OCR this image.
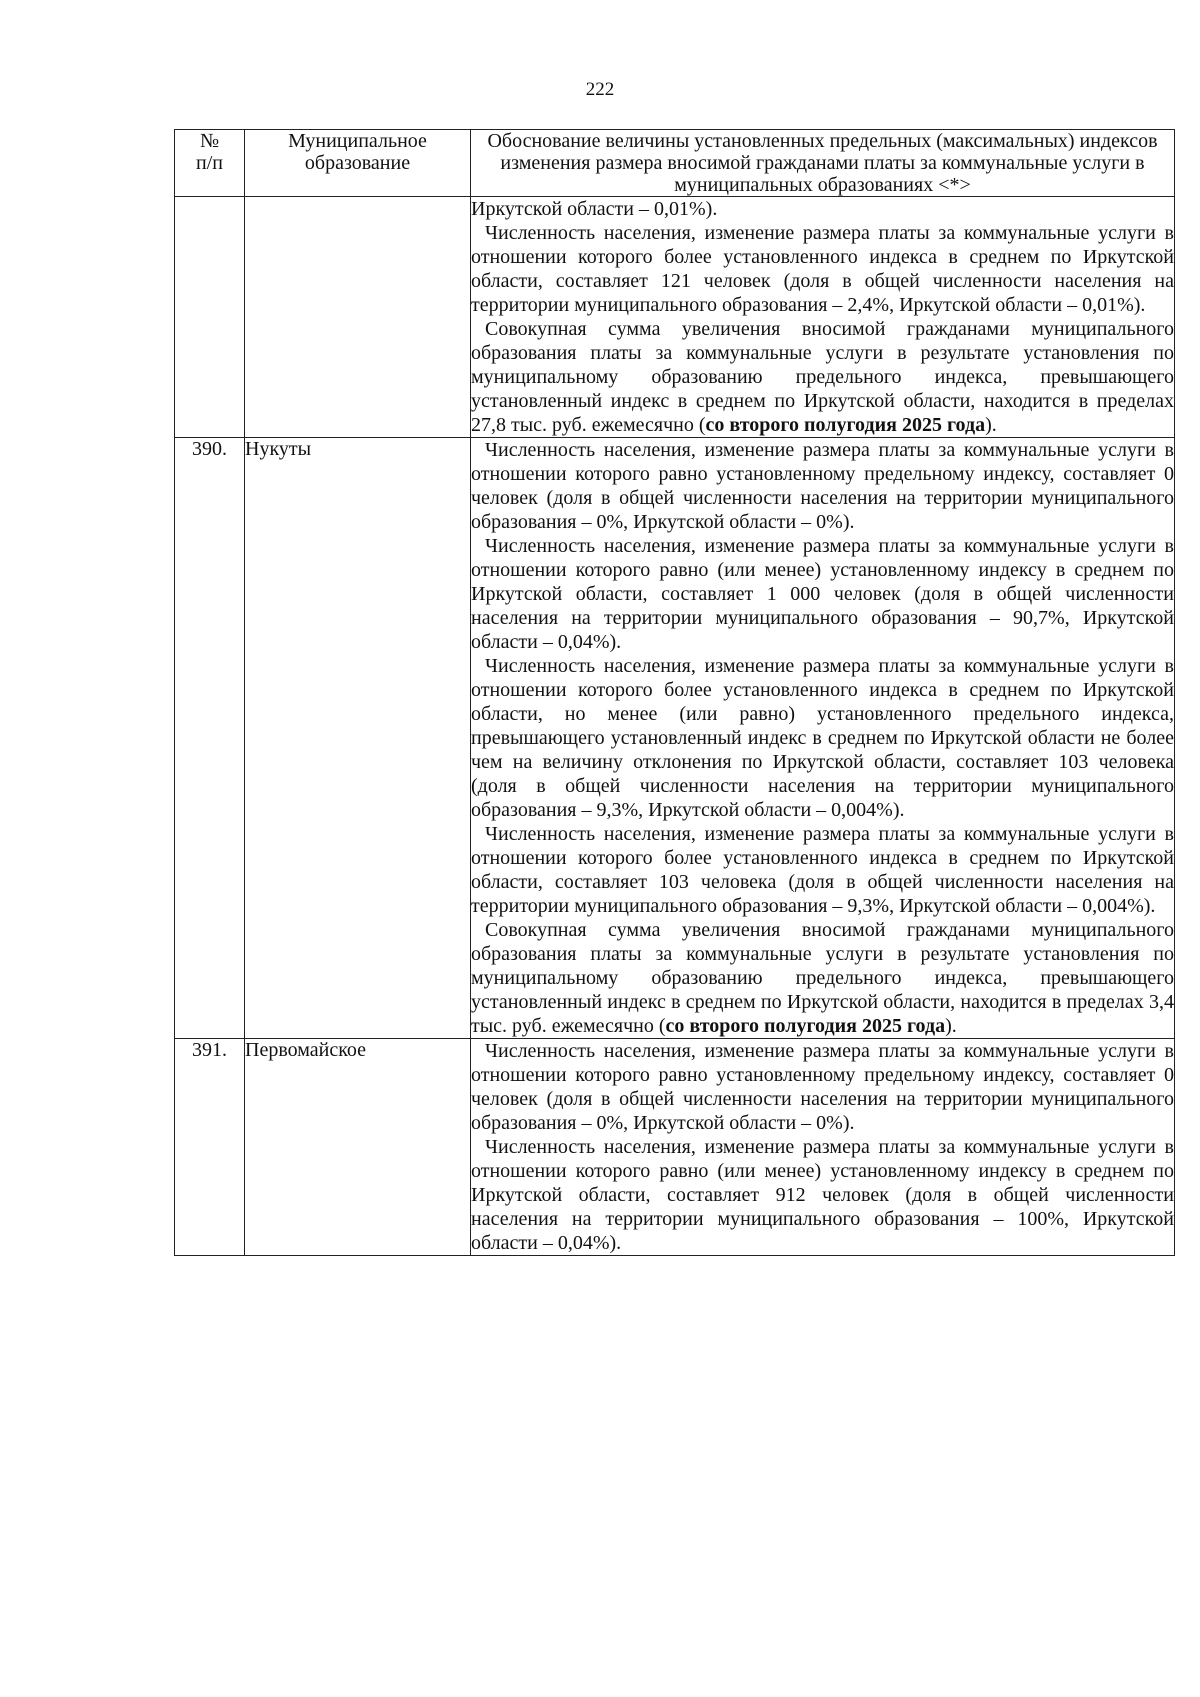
222
№
п/п	Муниципальное образование	Обоснование величины установленных предельных (максимальных) индексов изменения размера вносимой гражданами платы за коммунальные услуги в муниципальных образованиях <*>

		Иркутской области – 0,01%).

Численность населения, изменение размера платы за коммунальные услуги в отношении которого более установленного индекса в среднем по Иркутской области, составляет 121 человек (доля в общей численности населения на территории муниципального образования – 2,4%, Иркутской области – 0,01%).

Совокупная сумма увеличения вносимой гражданами муниципального образования платы за коммунальные услуги в результате установления по муниципальному образованию предельного индекса, превышающего установленный индекс в среднем по Иркутской области, находится в пределах 27,8 тыс. руб. ежемесячно (со второго полугодия 2025 года).

390.	Нукуты	Численность населения, изменение размера платы за коммунальные услуги в отношении которого равно установленному предельному индексу, составляет 0 человек (доля в общей численности населения на территории муниципального образования – 0%, Иркутской области – 0%).

Численность населения, изменение размера платы за коммунальные услуги в отношении которого равно (или менее) установленному индексу в среднем по Иркутской области, составляет 1 000 человек (доля в общей численности населения на территории муниципального образования – 90,7%, Иркутской области – 0,04%).

Численность населения, изменение размера платы за коммунальные услуги в отношении которого более установленного индекса в среднем по Иркутской области, но менее (или равно) установленного предельного индекса, превышающего установленный индекс в среднем по Иркутской области не более чем на величину отклонения по Иркутской области, составляет 103 человека (доля в общей численности населения на территории муниципального образования – 9,3%, Иркутской области – 0,004%).

Численность населения, изменение размера платы за коммунальные услуги в отношении которого более установленного индекса в среднем по Иркутской области, составляет 103 человека (доля в общей численности населения на территории муниципального образования – 9,3%, Иркутской области – 0,004%).

Совокупная сумма увеличения вносимой гражданами муниципального образования платы за коммунальные услуги в результате установления по муниципальному образованию предельного индекса, превышающего установленный индекс в среднем по Иркутской области, находится в пределах 3,4 тыс. руб. ежемесячно (со второго полугодия 2025 года).

391.	Первомайское	Численность населения, изменение размера платы за коммунальные услуги в отношении которого равно установленному предельному индексу, составляет 0 человек (доля в общей численности населения на территории муниципального образования – 0%, Иркутской области – 0%).

Численность населения, изменение размера платы за коммунальные услуги в отношении которого равно (или менее) установленному индексу в среднем по Иркутской области, составляет 912 человек (доля в общей численности населения на территории муниципального образования – 100%, Иркутской области – 0,04%).
